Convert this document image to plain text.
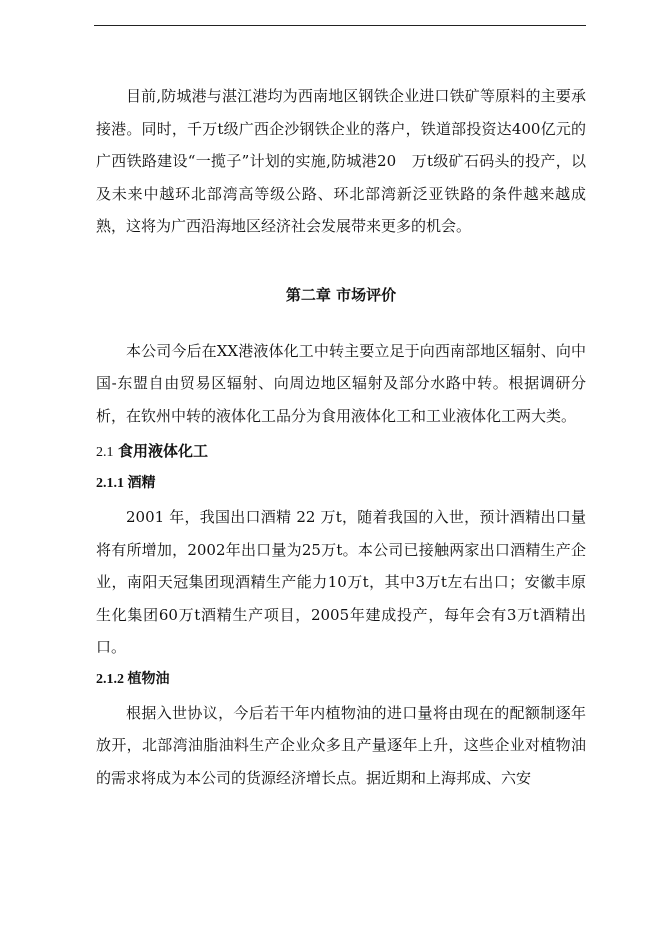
目前,防城港与湛江港均为西南地区钢铁企业进口铁矿等原料的主要承接港。同时，千万t级广西企沙钢铁企业的落户，铁道部投资达400亿元的广西铁路建设“一揽子”计划的实施,防城港20　万t级矿石码头的投产，以及未来中越环北部湾高等级公路、环北部湾新泛亚铁路的条件越来越成熟，这将为广西沿海地区经济社会发展带来更多的机会。

第二章 市场评价

本公司今后在XX港液体化工中转主要立足于向西南部地区辐射、向中国-东盟自由贸易区辐射、向周边地区辐射及部分水路中转。根据调研分析，在钦州中转的液体化工品分为食用液体化工和工业液体化工两大类。

2.1 食用液体化工
2.1.1 酒精

2001 年，我国出口酒精 22 万t，随着我国的入世，预计酒精出口量将有所增加，2002年出口量为25万t。本公司已接触两家出口酒精生产企业，南阳天冠集团现酒精生产能力10万t，其中3万t左右出口；安徽丰原生化集团60万t酒精生产项目，2005年建成投产，每年会有3万t酒精出口。

2.1.2 植物油

根据入世协议，今后若干年内植物油的进口量将由现在的配额制逐年放开，北部湾油脂油料生产企业众多且产量逐年上升，这些企业对植物油的需求将成为本公司的货源经济增长点。据近期和上海邦成、六安
